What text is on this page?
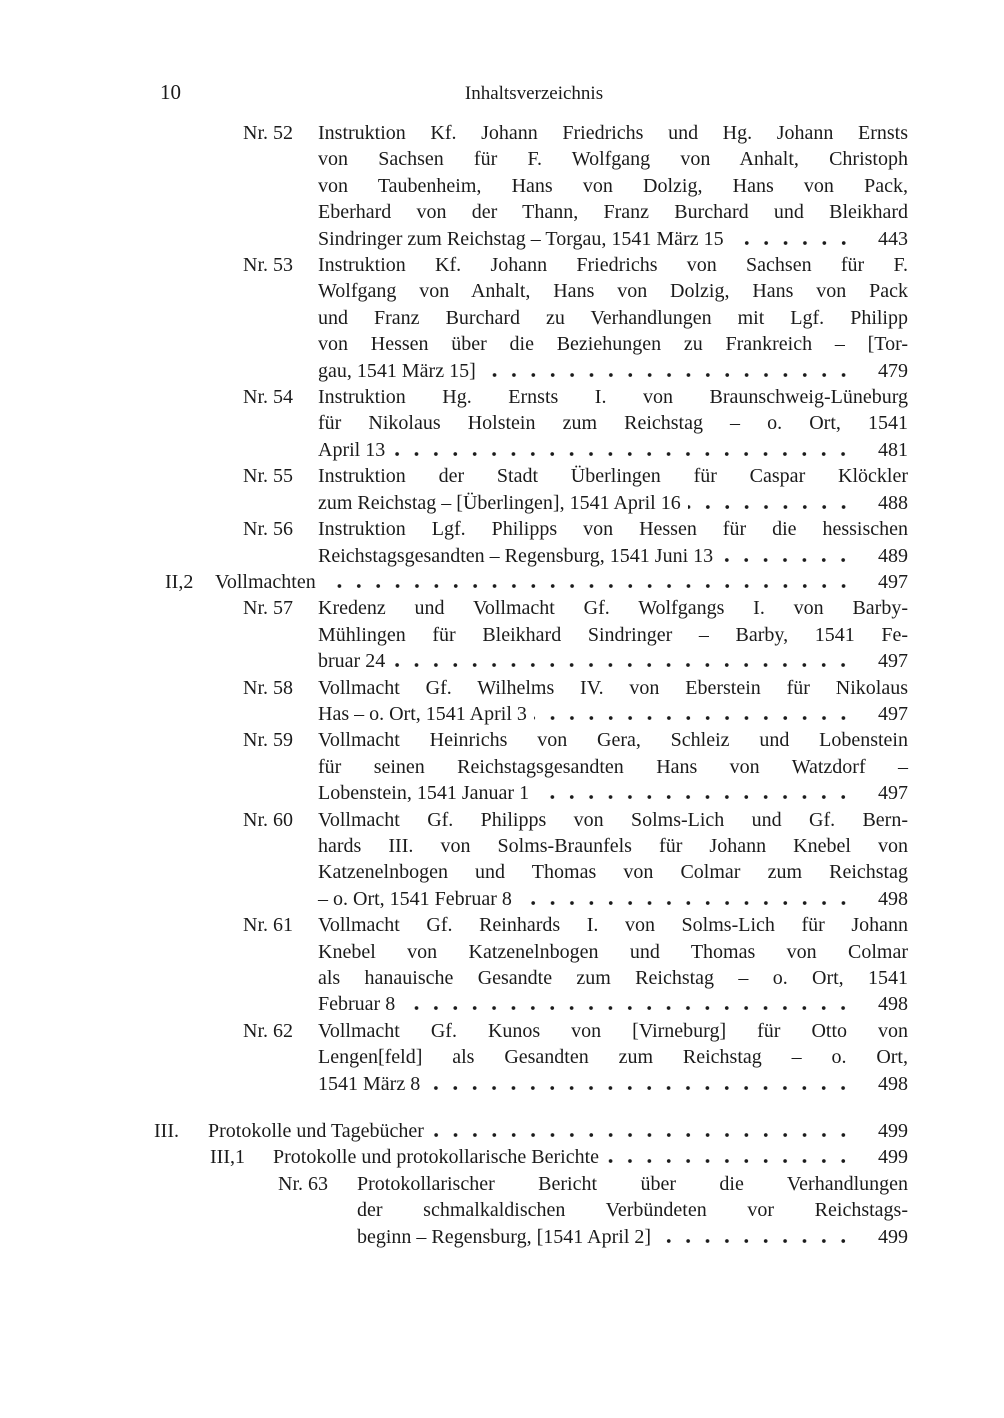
10	Inhaltsverzeichnis
Nr. 52	Instruktion Kf. Johann Friedrichs und Hg. Johann Ernsts
von Sachsen für F. Wolfgang von Anhalt, Christoph
von Taubenheim, Hans von Dolzig, Hans von Pack,
Eberhard von der Thann, Franz Burchard und Bleikhard
Sindringer zum Reichstag – Torgau, 1541 März 15	443
Nr. 53	Instruktion Kf. Johann Friedrichs von Sachsen für F.
Wolfgang von Anhalt, Hans von Dolzig, Hans von Pack
und Franz Burchard zu Verhandlungen mit Lgf. Philipp
von Hessen über die Beziehungen zu Frankreich – [Tor-
gau, 1541 März 15]	479
Nr. 54	Instruktion Hg. Ernsts I. von Braunschweig-Lüneburg
für Nikolaus Holstein zum Reichstag – o. Ort, 1541
April 13	481
Nr. 55	Instruktion der Stadt Überlingen für Caspar Klöckler
zum Reichstag – [Überlingen], 1541 April 16	488
Nr. 56	Instruktion Lgf. Philipps von Hessen für die hessischen
Reichstagsgesandten – Regensburg, 1541 Juni 13	489
II,2	Vollmachten	497
Nr. 57	Kredenz und Vollmacht Gf. Wolfgangs I. von Barby-
Mühlingen für Bleikhard Sindringer – Barby, 1541 Fe-
bruar 24	497
Nr. 58	Vollmacht Gf. Wilhelms IV. von Eberstein für Nikolaus
Has – o. Ort, 1541 April 3	497
Nr. 59	Vollmacht Heinrichs von Gera, Schleiz und Lobenstein
für seinen Reichstagsgesandten Hans von Watzdorf –
Lobenstein, 1541 Januar 1	497
Nr. 60	Vollmacht Gf. Philipps von Solms-Lich und Gf. Bern-
hards III. von Solms-Braunfels für Johann Knebel von
Katzenelnbogen und Thomas von Colmar zum Reichstag
– o. Ort, 1541 Februar 8	498
Nr. 61	Vollmacht Gf. Reinhards I. von Solms-Lich für Johann
Knebel von Katzenelnbogen und Thomas von Colmar
als hanauische Gesandte zum Reichstag – o. Ort, 1541
Februar 8	498
Nr. 62	Vollmacht Gf. Kunos von [Virneburg] für Otto von
Lengen[feld] als Gesandten zum Reichstag – o. Ort,
1541 März 8	498
III.	Protokolle und Tagebücher	499
III,1	Protokolle und protokollarische Berichte	499
Nr. 63	Protokollarischer Bericht über die Verhandlungen
der schmalkaldischen Verbündeten vor Reichstags-
beginn – Regensburg, [1541 April 2]	499
